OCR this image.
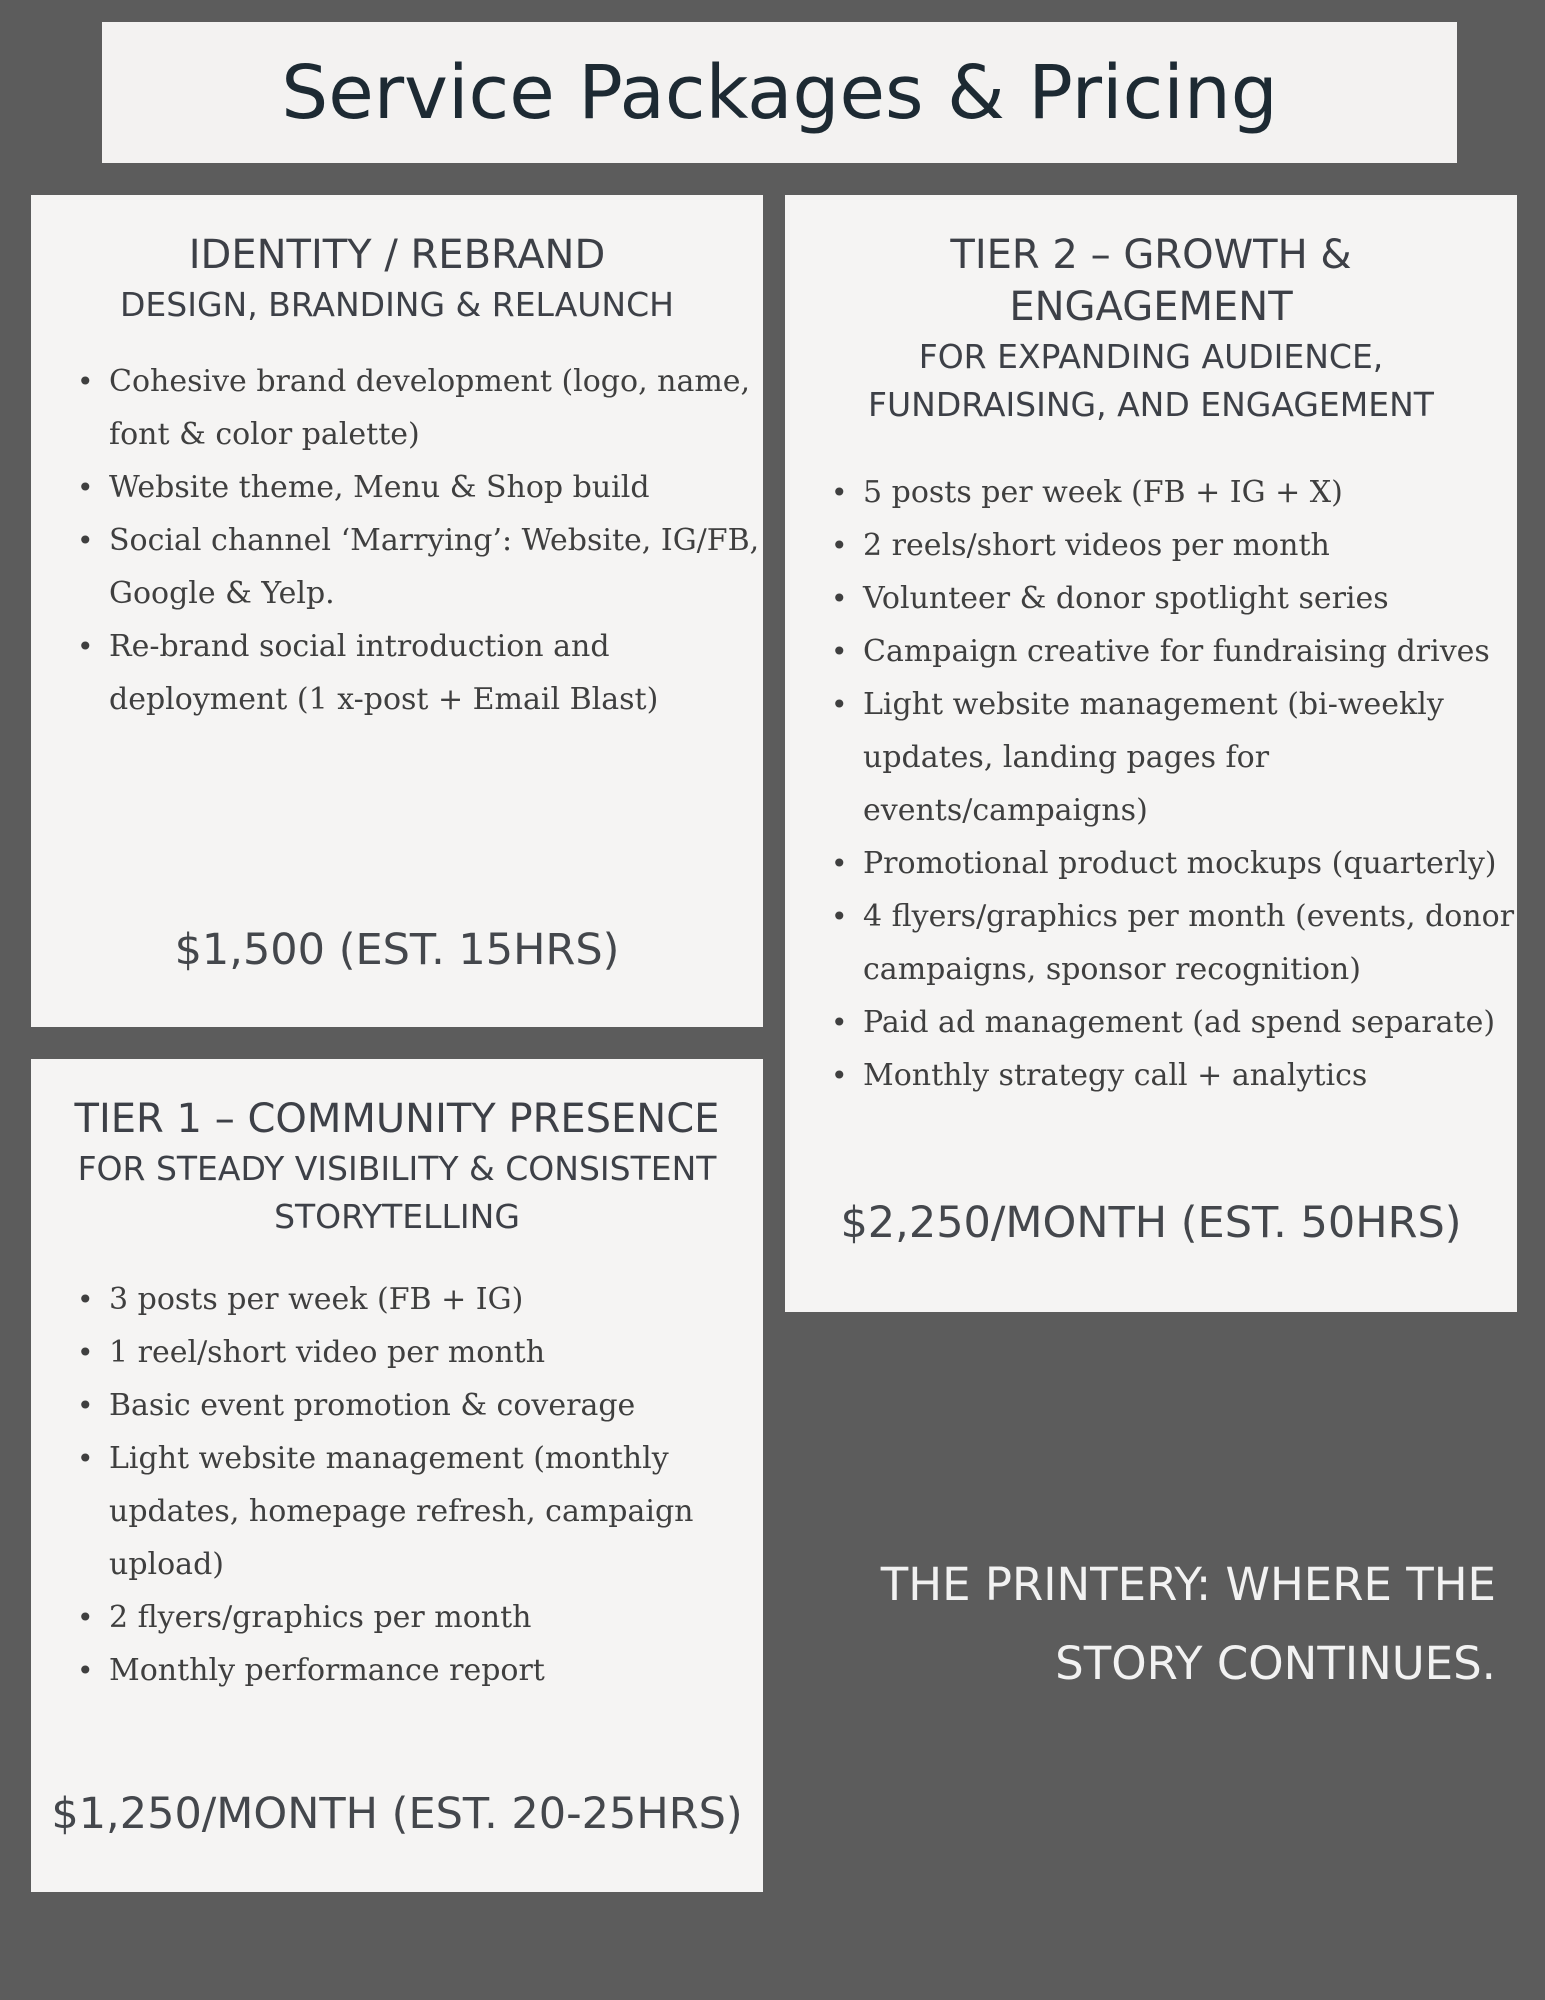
Service Packages & Pricing
IDENTITY / REBRAND
DESIGN, BRANDING & RELAUNCH
• Cohesive brand development (logo, name,
font & color palette)
• Website theme, Menu & Shop build
• Social channel ‘Marrying’: Website, IG/FB,
Google & Yelp.
• Re-brand social introduction and
deployment (1 x-post + Email Blast)
$1,500 (EST. 15HRS)
TIER 2 – GROWTH &
ENGAGEMENT
FOR EXPANDING AUDIENCE,
FUNDRAISING, AND ENGAGEMENT
• 5 posts per week (FB + IG + X)
• 2 reels/short videos per month
• Volunteer & donor spotlight series
• Campaign creative for fundraising drives
• Light website management (bi-weekly
updates, landing pages for
events/campaigns)
• Promotional product mockups (quarterly)
• 4 flyers/graphics per month (events, donor
campaigns, sponsor recognition)
• Paid ad management (ad spend separate)
• Monthly strategy call + analytics
$2,250/MONTH (EST. 50HRS)
TIER 1 – COMMUNITY PRESENCE
FOR STEADY VISIBILITY & CONSISTENT
STORYTELLING
• 3 posts per week (FB + IG)
• 1 reel/short video per month
• Basic event promotion & coverage
• Light website management (monthly
updates, homepage refresh, campaign
upload)
• 2 flyers/graphics per month
• Monthly performance report
$1,250/MONTH (EST. 20-25HRS)
THE PRINTERY: WHERE THE
STORY CONTINUES.
